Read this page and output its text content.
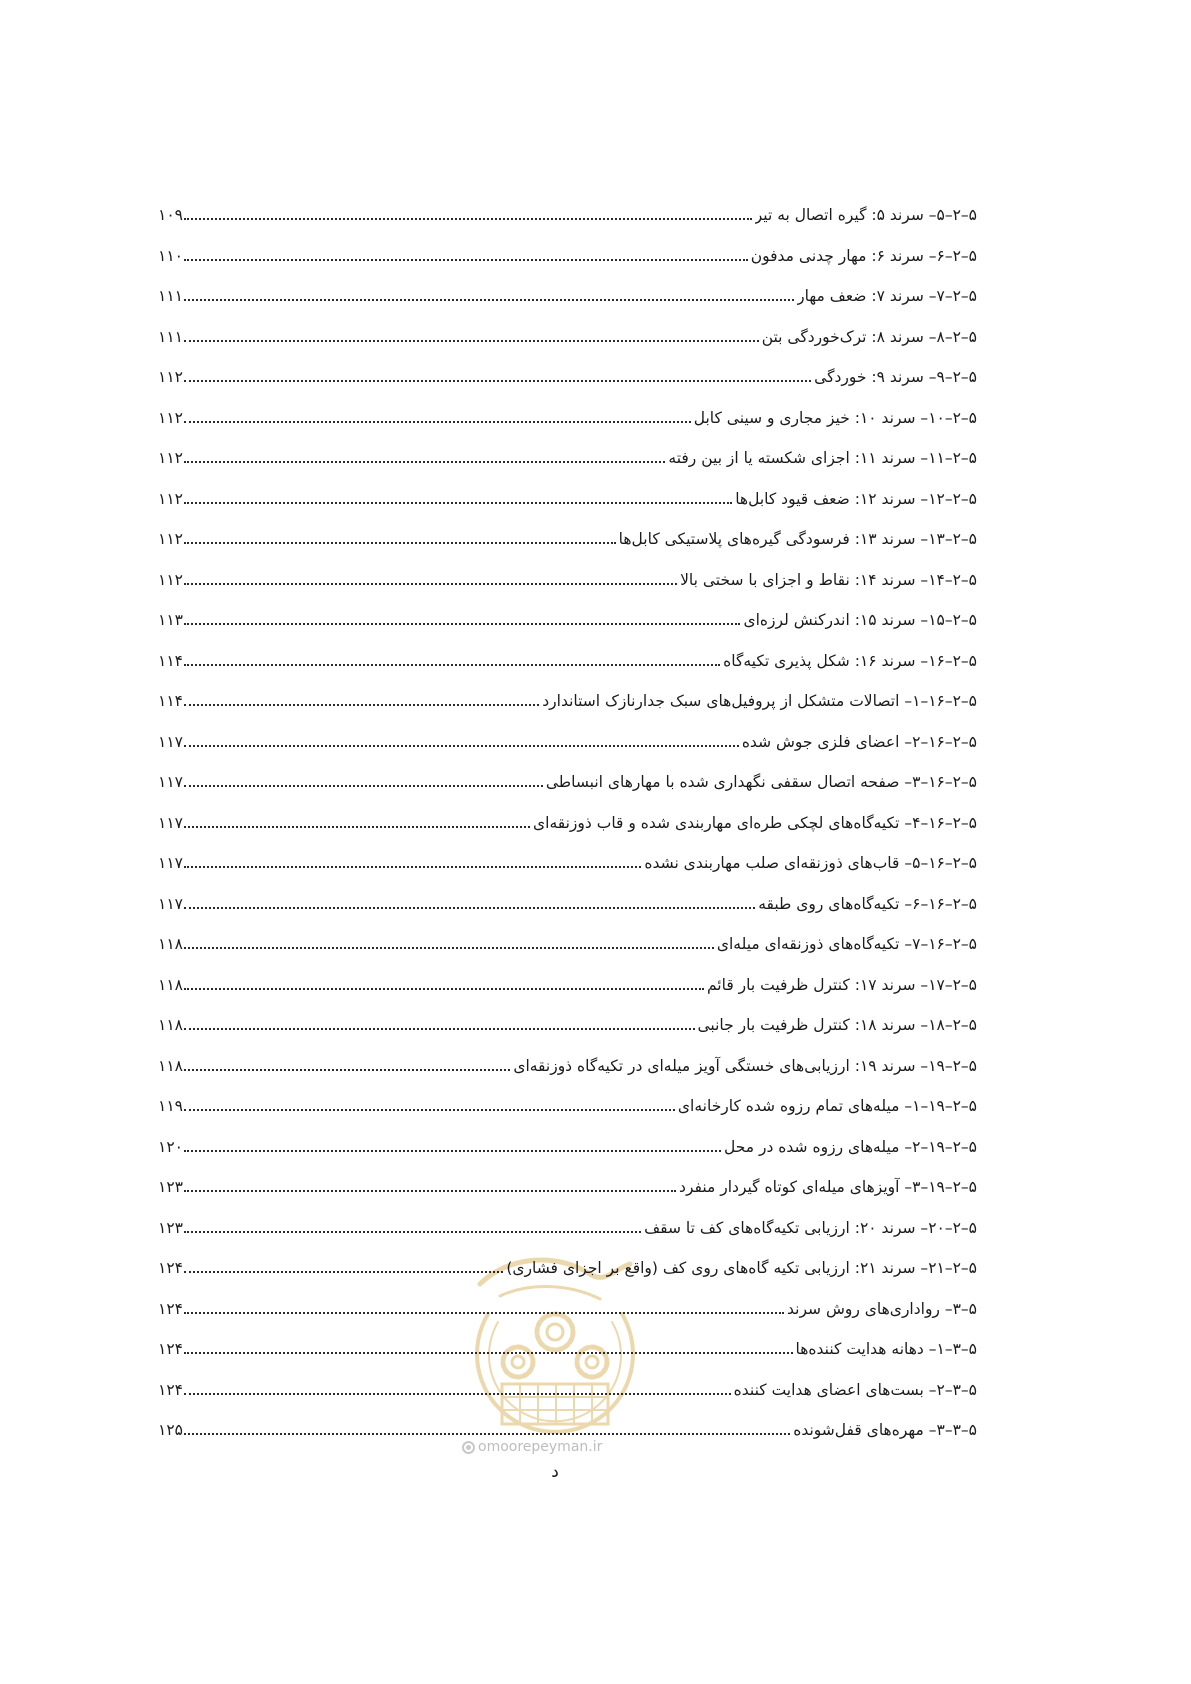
omoorepeyman.ir
۵–۲–۵– سرند ۵: گیره اتصال به تیر
۱۰۹
۵–۲–۶– سرند ۶: مهار چدنی مدفون
۱۱۰
۵–۲–۷– سرند ۷: ضعف مهار
۱۱۱
۵–۲–۸– سرند ۸: ترک‌خوردگی بتن
۱۱۱
۵–۲–۹– سرند ۹: خوردگی
۱۱۲
۵–۲–۱۰– سرند ۱۰: خیز مجاری و سینی کابل
۱۱۲
۵–۲–۱۱– سرند ۱۱: اجزای شکسته یا از بین رفته
۱۱۲
۵–۲–۱۲– سرند ۱۲: ضعف قیود کابل‌ها
۱۱۲
۵–۲–۱۳– سرند ۱۳: فرسودگی گیره‌های پلاستیکی کابل‌ها
۱۱۲
۵–۲–۱۴– سرند ۱۴: نقاط و اجزای با سختی بالا
۱۱۲
۵–۲–۱۵– سرند ۱۵: اندرکنش لرزه‌ای
۱۱۳
۵–۲–۱۶– سرند ۱۶: شکل پذیری تکیه‌گاه
۱۱۴
۵–۲–۱۶–۱– اتصالات متشکل از پروفیل‌های سبک جدارنازک استاندارد
۱۱۴
۵–۲–۱۶–۲– اعضای فلزی جوش شده
۱۱۷
۵–۲–۱۶–۳– صفحه اتصال سقفی نگهداری شده با مهارهای انبساطی
۱۱۷
۵–۲–۱۶–۴– تکیه‌گاه‌های لچکی طره‌ای مهاربندی شده و قاب ذوزنقه‌ای
۱۱۷
۵–۲–۱۶–۵– قاب‌های ذوزنقه‌ای صلب مهاربندی نشده
۱۱۷
۵–۲–۱۶–۶– تکیه‌گاه‌های روی طبقه
۱۱۷
۵–۲–۱۶–۷– تکیه‌گاه‌های ذوزنقه‌ای میله‌ای
۱۱۸
۵–۲–۱۷– سرند ۱۷: کنترل ظرفیت بار قائم
۱۱۸
۵–۲–۱۸– سرند ۱۸: کنترل ظرفیت بار جانبی
۱۱۸
۵–۲–۱۹– سرند ۱۹: ارزیابی‌های خستگی آویز میله‌ای در تکیه‌گاه ذوزنقه‌ای
۱۱۸
۵–۲–۱۹–۱– میله‌های تمام رزوه شده کارخانه‌ای
۱۱۹
۵–۲–۱۹–۲– میله‌های رزوه شده در محل
۱۲۰
۵–۲–۱۹–۳– آویزهای میله‌ای کوتاه گیردار منفرد
۱۲۳
۵–۲–۲۰– سرند ۲۰: ارزیابی تکیه‌گاه‌های کف تا سقف
۱۲۳
۵–۲–۲۱– سرند ۲۱: ارزیابی تکیه گاه‌های روی کف (واقع بر اجزای فشاری)
۱۲۴
۵–۳– رواداری‌های روش سرند
۱۲۴
۵–۳–۱– دهانه هدایت کننده‌ها
۱۲۴
۵–۳–۲– بست‌های اعضای هدایت کننده
۱۲۴
۵–۳–۳– مهره‌های قفل‌شونده
۱۲۵
د
